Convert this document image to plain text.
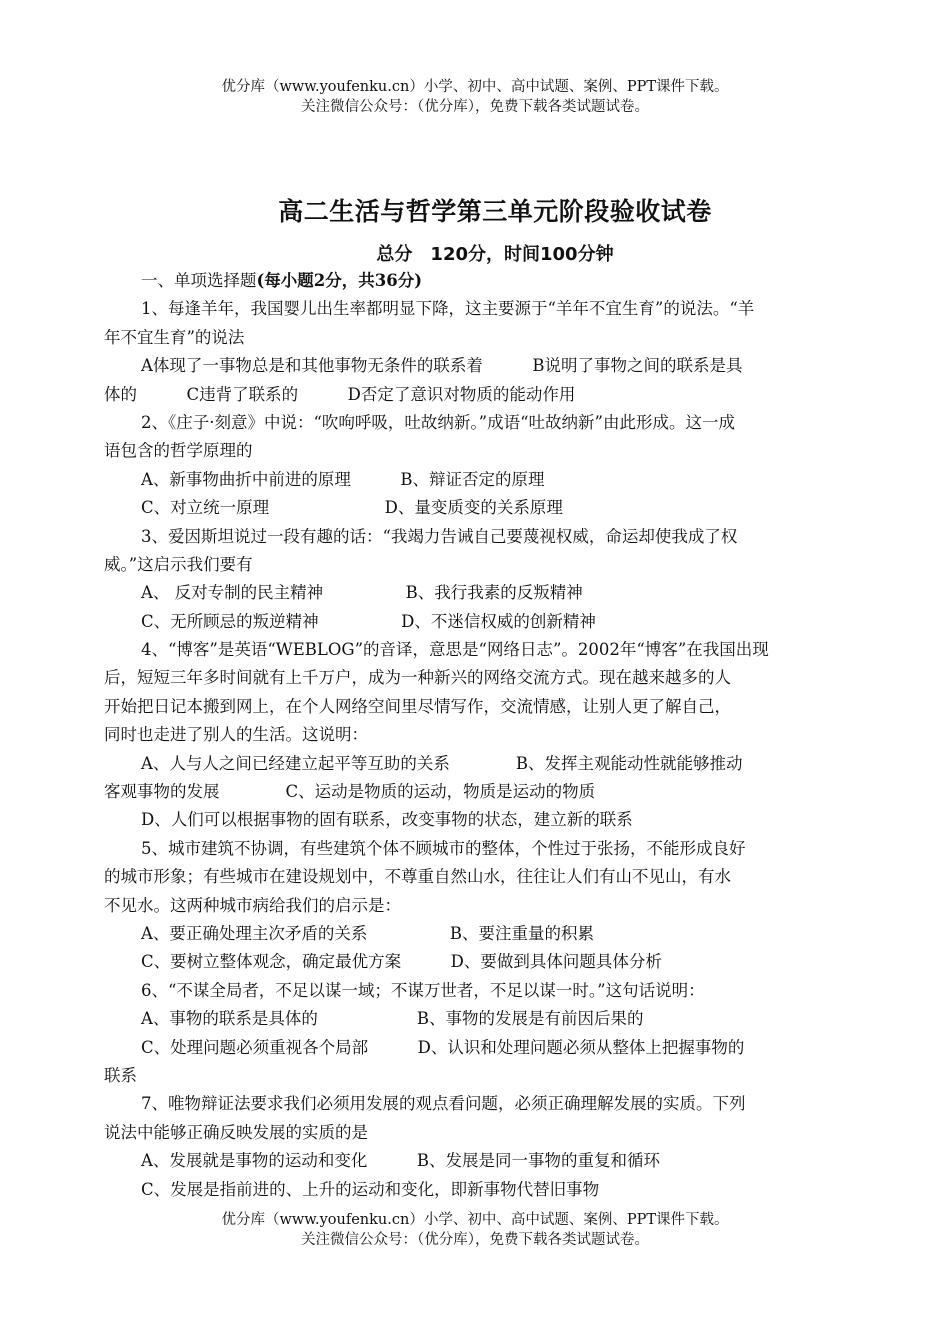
优分库（www.youfenku.cn）小学、初中、高中试题、案例、PPT课件下载。
关注微信公众号：（优分库），免费下载各类试题试卷。
高二生活与哲学第三单元阶段验收试卷
总分　120分，时间100分钟
一、单项选择题(每小题2分，共36分)
1、每逢羊年，我国婴儿出生率都明显下降，这主要源于“羊年不宜生育”的说法。“羊
年不宜生育”的说法
A体现了一事物总是和其他事物无条件的联系着　　　B说明了事物之间的联系是具
体的　　　C违背了联系的　　　D否定了意识对物质的能动作用
2、《庄子·刻意》中说：“吹呴呼吸，吐故纳新。”成语“吐故纳新”由此形成。这一成
语包含的哲学原理的
A、新事物曲折中前进的原理　　　B、辩证否定的原理
C、对立统一原理　　　　　　　D、量变质变的关系原理
3、爱因斯坦说过一段有趣的话：“我竭力告诫自己要蔑视权威，命运却使我成了权
威。”这启示我们要有
A、 反对专制的民主精神　　　　　B、我行我素的反叛精神
C、无所顾忌的叛逆精神　　　　　D、不迷信权威的创新精神
4、“博客”是英语“WEBLOG”的音译，意思是“网络日志”。2002年“博客”在我国出现
后，短短三年多时间就有上千万户，成为一种新兴的网络交流方式。现在越来越多的人
开始把日记本搬到网上，在个人网络空间里尽情写作，交流情感，让别人更了解自己，
同时也走进了别人的生活。这说明：
A、人与人之间已经建立起平等互助的关系　　　　B、发挥主观能动性就能够推动
客观事物的发展　　　　C、运动是物质的运动，物质是运动的物质
D、人们可以根据事物的固有联系，改变事物的状态，建立新的联系
5、城市建筑不协调，有些建筑个体不顾城市的整体，个性过于张扬，不能形成良好
的城市形象；有些城市在建设规划中，不尊重自然山水，往往让人们有山不见山，有水
不见水。这两种城市病给我们的启示是：
A、要正确处理主次矛盾的关系　　　　　B、要注重量的积累
C、要树立整体观念，确定最优方案　　　D、要做到具体问题具体分析
6、“不谋全局者，不足以谋一域；不谋万世者，不足以谋一时。”这句话说明：
A、事物的联系是具体的　　　　　　B、事物的发展是有前因后果的
C、处理问题必须重视各个局部　　　D、认识和处理问题必须从整体上把握事物的
联系
7、唯物辩证法要求我们必须用发展的观点看问题，必须正确理解发展的实质。下列
说法中能够正确反映发展的实质的是
A、发展就是事物的运动和变化　　　B、发展是同一事物的重复和循环
C、发展是指前进的、上升的运动和变化，即新事物代替旧事物
优分库（www.youfenku.cn）小学、初中、高中试题、案例、PPT课件下载。
关注微信公众号：（优分库），免费下载各类试题试卷。
